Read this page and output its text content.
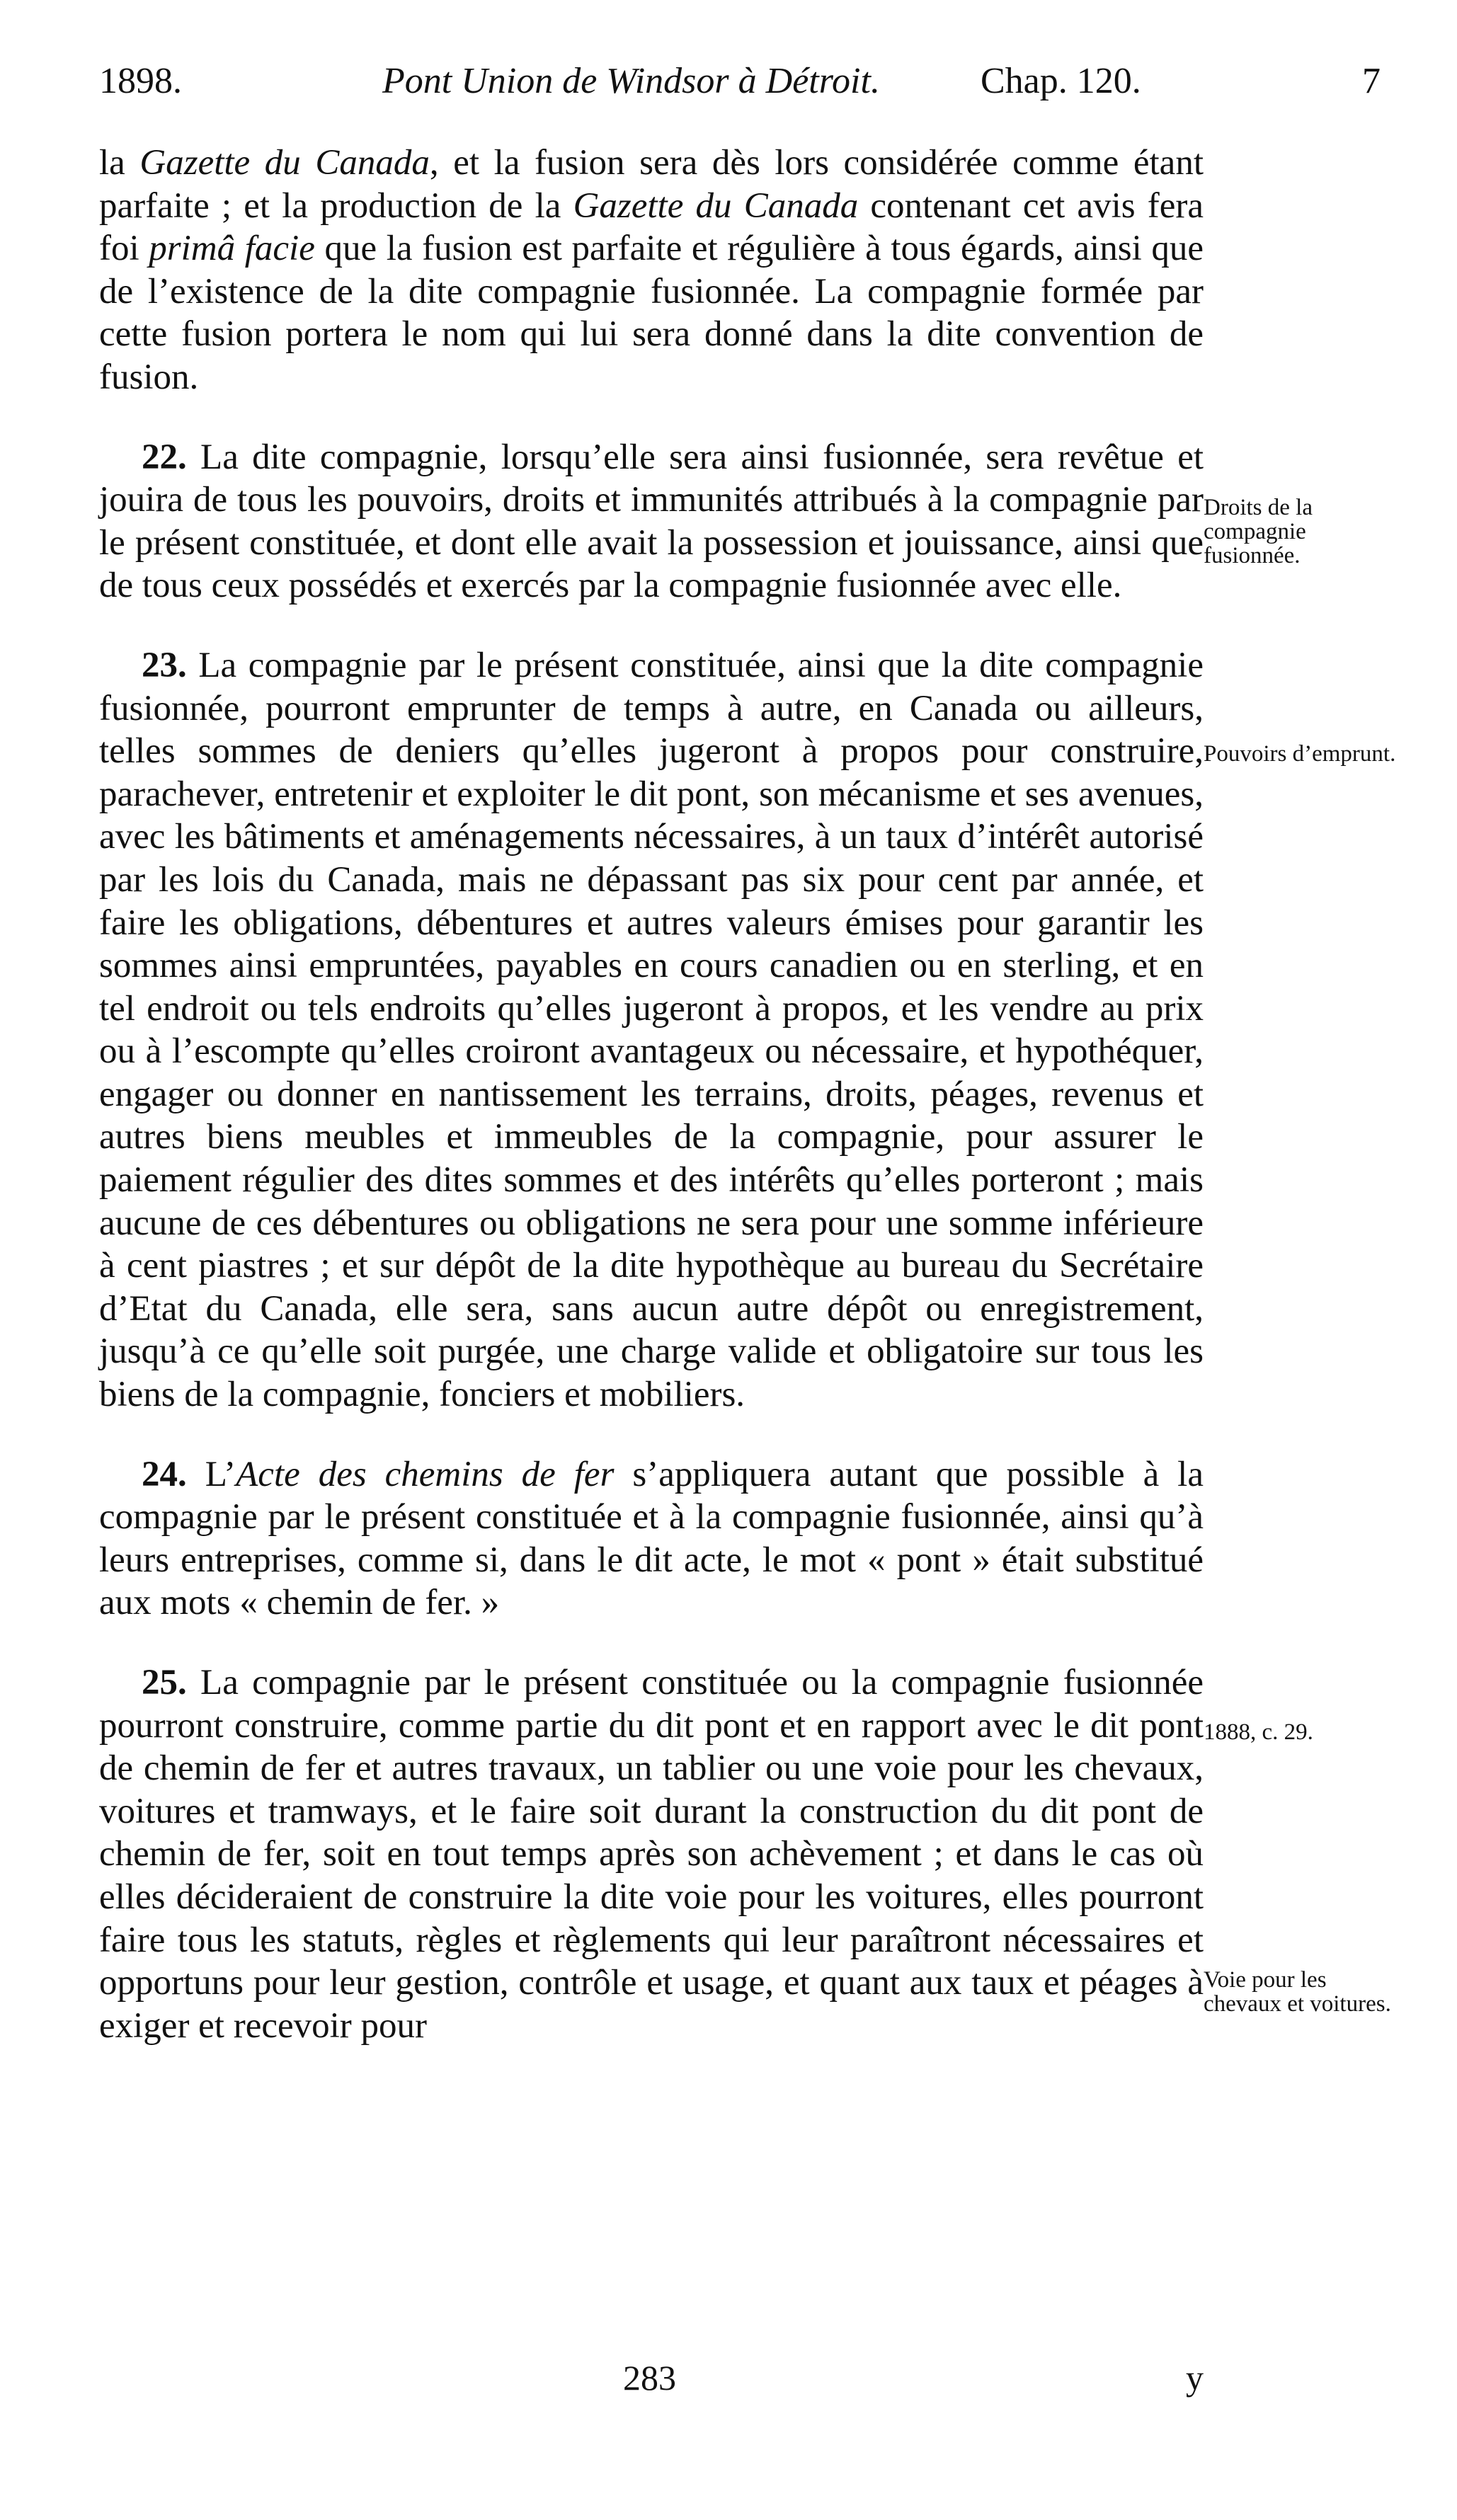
1898.	Pont Union de Windsor à Détroit.	Chap. 120.	7

la Gazette du Canada, et la fusion sera dès lors considérée comme étant parfaite ; et la production de la Gazette du Canada contenant cet avis fera foi primâ facie que la fusion est parfaite et régulière à tous égards, ainsi que de l’existence de la dite compagnie fusionnée. La compagnie formée par cette fusion portera le nom qui lui sera donné dans la dite convention de fusion.

22. La dite compagnie, lorsqu’elle sera ainsi fusionnée, sera revêtue et jouira de tous les pouvoirs, droits et immunités attribués à la compagnie par le présent constituée, et dont elle avait la possession et jouissance, ainsi que de tous ceux possédés et exercés par la compagnie fusionnée avec elle.

23. La compagnie par le présent constituée, ainsi que la dite compagnie fusionnée, pourront emprunter de temps à autre, en Canada ou ailleurs, telles sommes de deniers qu’elles jugeront à propos pour construire, parachever, entretenir et exploiter le dit pont, son mécanisme et ses avenues, avec les bâtiments et aménagements nécessaires, à un taux d’intérêt autorisé par les lois du Canada, mais ne dépassant pas six pour cent par année, et faire les obligations, débentures et autres valeurs émises pour garantir les sommes ainsi empruntées, payables en cours canadien ou en sterling, et en tel endroit ou tels endroits qu’elles jugeront à propos, et les vendre au prix ou à l’escompte qu’elles croiront avantageux ou nécessaire, et hypothéquer, engager ou donner en nantissement les terrains, droits, péages, revenus et autres biens meubles et immeubles de la compagnie, pour assurer le paiement régulier des dites sommes et des intérêts qu’elles porteront ; mais aucune de ces débentures ou obligations ne sera pour une somme inférieure à cent piastres ; et sur dépôt de la dite hypothèque au bureau du Secrétaire d’Etat du Canada, elle sera, sans aucun autre dépôt ou enregistrement, jusqu’à ce qu’elle soit purgée, une charge valide et obligatoire sur tous les biens de la compagnie, fonciers et mobiliers.

24. L’Acte des chemins de fer s’appliquera autant que possible à la compagnie par le présent constituée et à la compagnie fusionnée, ainsi qu’à leurs entreprises, comme si, dans le dit acte, le mot « pont » était substitué aux mots « chemin de fer. »

25. La compagnie par le présent constituée ou la compagnie fusionnée pourront construire, comme partie du dit pont et en rapport avec le dit pont de chemin de fer et autres travaux, un tablier ou une voie pour les chevaux, voitures et tramways, et le faire soit durant la construction du dit pont de chemin de fer, soit en tout temps après son achèvement ; et dans le cas où elles décideraient de construire la dite voie pour les voitures, elles pourront faire tous les statuts, règles et règlements qui leur paraîtront nécessaires et opportuns pour leur gestion, contrôle et usage, et quant aux taux et péages à exiger et recevoir pour

Droits de la compagnie fusionnée.
Pouvoirs d’emprunt.
1888, c. 29.
Voie pour les chevaux et voitures.
283	y
